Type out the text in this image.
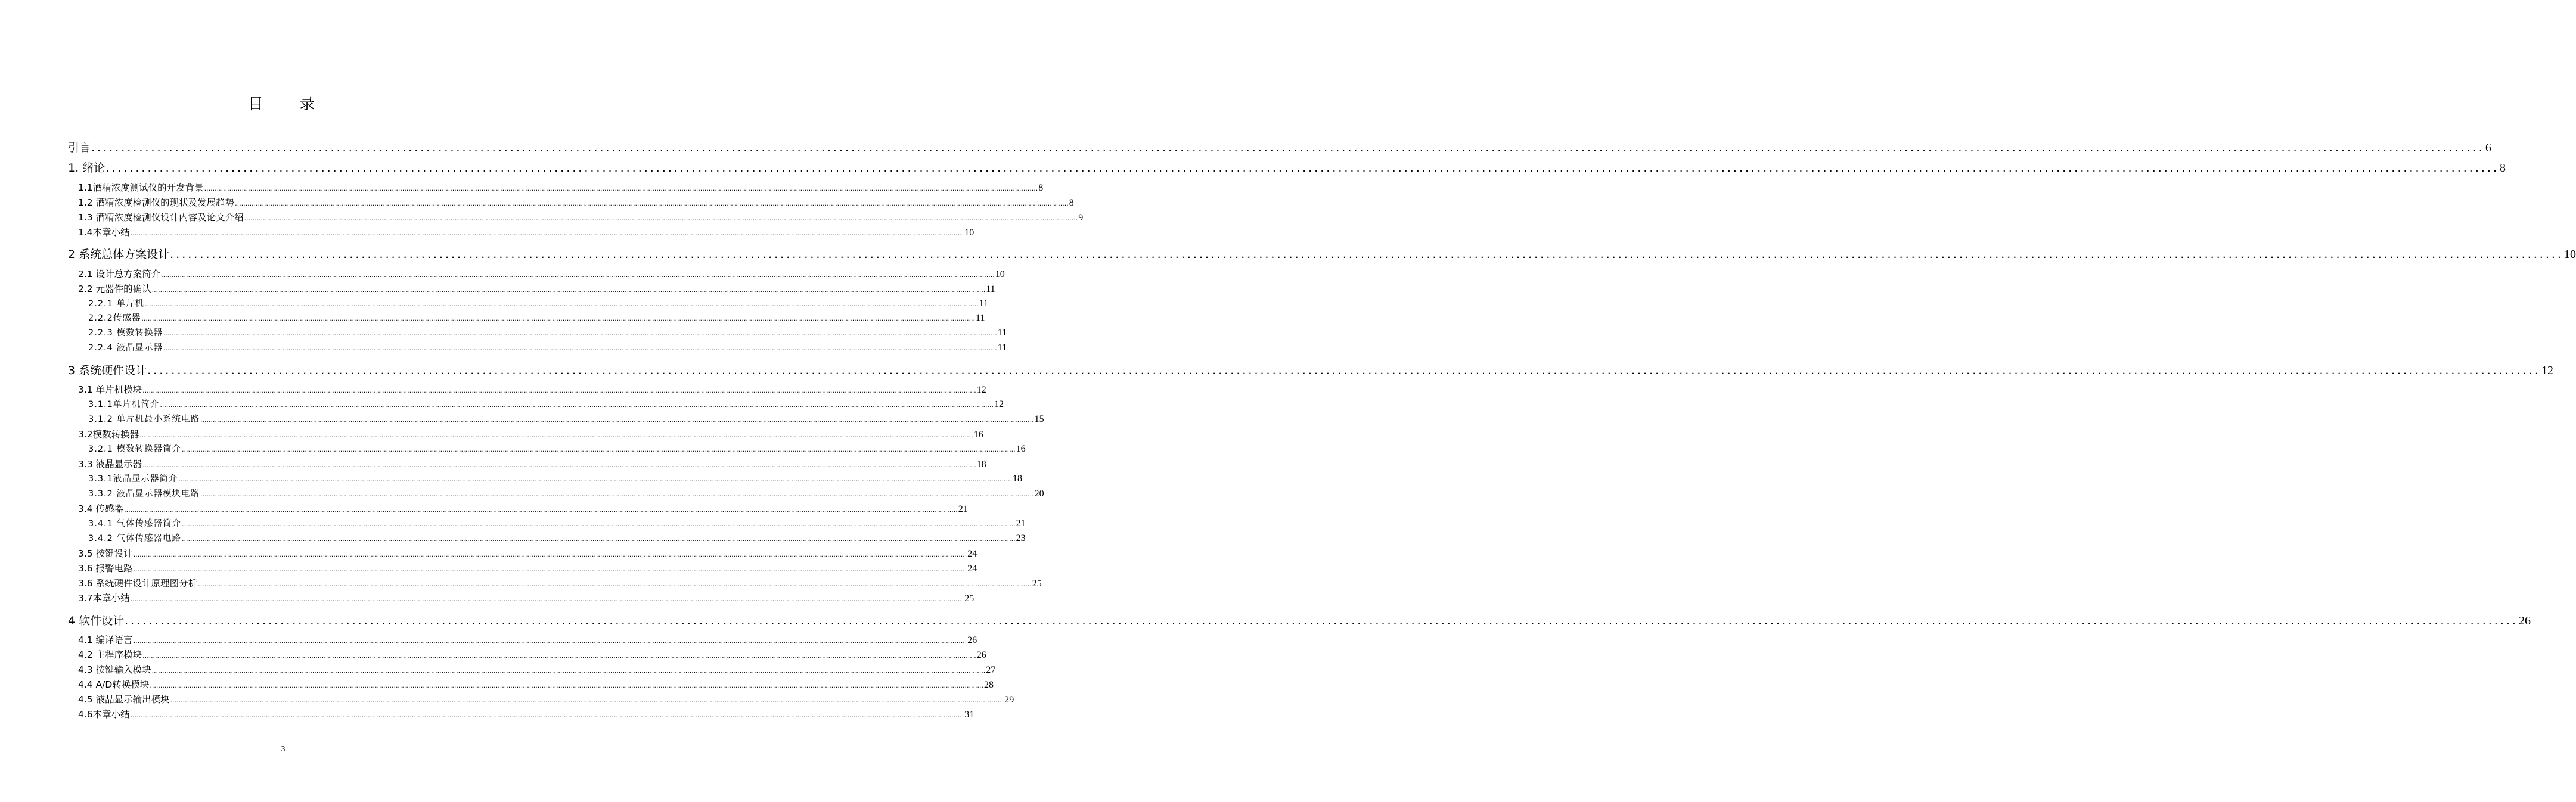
目 录
引言 ................................................................................................................................................................................................................................................................................................................................................................................................................ 6
1. 绪论 ................................................................................................................................................................................................................................................................................................................................................................................................................ 8
1.1酒精浓度测试仪的开发背景 ................................................................................................................................................................................................................................................................................................................................................................................................................ 8
1.2 酒精浓度检测仪的现状及发展趋势 ................................................................................................................................................................................................................................................................................................................................................................................................................ 8
1.3 酒精浓度检测仪设计内容及论文介绍 ................................................................................................................................................................................................................................................................................................................................................................................................................ 9
1.4本章小结 ................................................................................................................................................................................................................................................................................................................................................................................................................ 10
2 系统总体方案设计 ................................................................................................................................................................................................................................................................................................................................................................................................................ 10
2.1 设计总方案简介 ................................................................................................................................................................................................................................................................................................................................................................................................................ 10
2.2 元器件的确认 ................................................................................................................................................................................................................................................................................................................................................................................................................ 11
2.2.1 单片机 ................................................................................................................................................................................................................................................................................................................................................................................................................ 11
2.2.2传感器 ................................................................................................................................................................................................................................................................................................................................................................................................................ 11
2.2.3 模数转换器 ................................................................................................................................................................................................................................................................................................................................................................................................................ 11
2.2.4 液晶显示器 ................................................................................................................................................................................................................................................................................................................................................................................................................ 11
3 系统硬件设计 ................................................................................................................................................................................................................................................................................................................................................................................................................ 12
3.1 单片机模块 ................................................................................................................................................................................................................................................................................................................................................................................................................ 12
3.1.1单片机简介 ................................................................................................................................................................................................................................................................................................................................................................................................................ 12
3.1.2 单片机最小系统电路 ................................................................................................................................................................................................................................................................................................................................................................................................................ 15
3.2模数转换器 ................................................................................................................................................................................................................................................................................................................................................................................................................ 16
3.2.1 模数转换器简介 ................................................................................................................................................................................................................................................................................................................................................................................................................ 16
3.3 液晶显示器 ................................................................................................................................................................................................................................................................................................................................................................................................................ 18
3.3.1液晶显示器简介 ................................................................................................................................................................................................................................................................................................................................................................................................................ 18
3.3.2 液晶显示器模块电路 ................................................................................................................................................................................................................................................................................................................................................................................................................ 20
3.4 传感器 ................................................................................................................................................................................................................................................................................................................................................................................................................ 21
3.4.1 气体传感器简介 ................................................................................................................................................................................................................................................................................................................................................................................................................ 21
3.4.2 气体传感器电路 ................................................................................................................................................................................................................................................................................................................................................................................................................ 23
3.5 按键设计 ................................................................................................................................................................................................................................................................................................................................................................................................................ 24
3.6 报警电路 ................................................................................................................................................................................................................................................................................................................................................................................................................ 24
3.6 系统硬件设计原理图分析 ................................................................................................................................................................................................................................................................................................................................................................................................................ 25
3.7本章小结 ................................................................................................................................................................................................................................................................................................................................................................................................................ 25
4 软件设计 ................................................................................................................................................................................................................................................................................................................................................................................................................ 26
4.1 编译语言 ................................................................................................................................................................................................................................................................................................................................................................................................................ 26
4.2 主程序模块 ................................................................................................................................................................................................................................................................................................................................................................................................................ 26
4.3 按键输入模块 ................................................................................................................................................................................................................................................................................................................................................................................................................ 27
4.4 A/D转换模块 ................................................................................................................................................................................................................................................................................................................................................................................................................ 28
4.5 液晶显示输出模块 ................................................................................................................................................................................................................................................................................................................................................................................................................ 29
4.6本章小结 ................................................................................................................................................................................................................................................................................................................................................................................................................ 31
3
